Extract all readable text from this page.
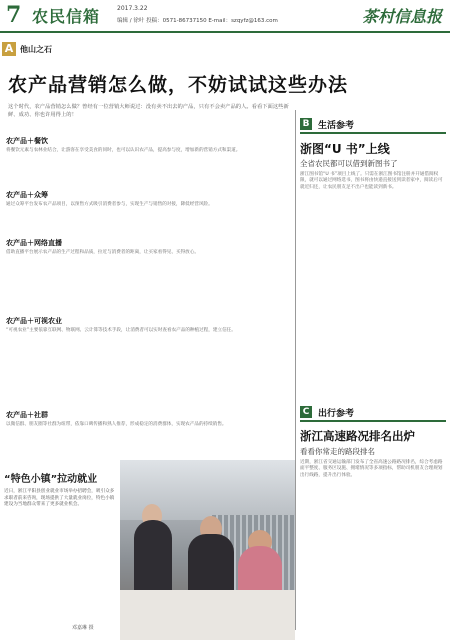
7 农民信箱	2017.3.22
编辑 / 徐叶 投稿：0571-86737150 E-mail：szqyfz@163.com	茶村信息报
A 他山之石
农产品营销怎么做，不妨试试这些办法
这个时代，农产品营销怎么做？曾经有一位营销大师说过：没有卖不出去的产品，只有不会卖产品的人。看看下面这些新鲜、成功、你也许用得上的！
农产品＋餐饮
将餐饮元素与农林业结合，让游客在享受美食的同时，也可以认识农产品，提高参与度，增加新的营销方式和渠道。
农产品＋众筹
通过众筹平台发布农产品项目，以预售方式吸引消费者参与，实现生产与销售的对接，降低经营风险。
农产品＋网络直播
借助直播平台展示农产品的生产过程和品质，拉近与消费者的距离，让买家看得见、买得放心。
农产品＋可视农业
“可视农业”主要依靠互联网、物联网、云计算等技术手段，让消费者可以实时查看农产品的种植过程，建立信任。
农产品＋社群
以微信群、朋友圈等社群为纽带，依靠口碑传播和熟人推荐，形成稳定的消费群体，实现农产品的持续销售。
B 生活参考
浙图“U 书”上线
全省农民都可以借到新图书了
浙江图书馆“U 书”项目上线了。只需在浙江图书馆注册并开通借阅权限，就可以通过网络选书，图书将由快递直接送到读者家中，阅读后可就近归还，让农民朋友足不出户也能读到新书。
C 出行参考
浙江高速路况排名出炉
看看你常走的路段排名
近期，浙江省交通运输部门发布了全省高速公路路况排名，综合考虑路面平整度、服务区设施、拥堵情况等多项指标，帮助司机朋友合理规划出行线路，提升出行体验。
“特色小镇”拉动就业
近日，浙江平阳县创业就业市场举办招聘会，吸引众多求职者前来咨询，现场提供了大量就业岗位，特色小镇建设为当地群众带来了更多就业机会。
邓嘉琳 摄
